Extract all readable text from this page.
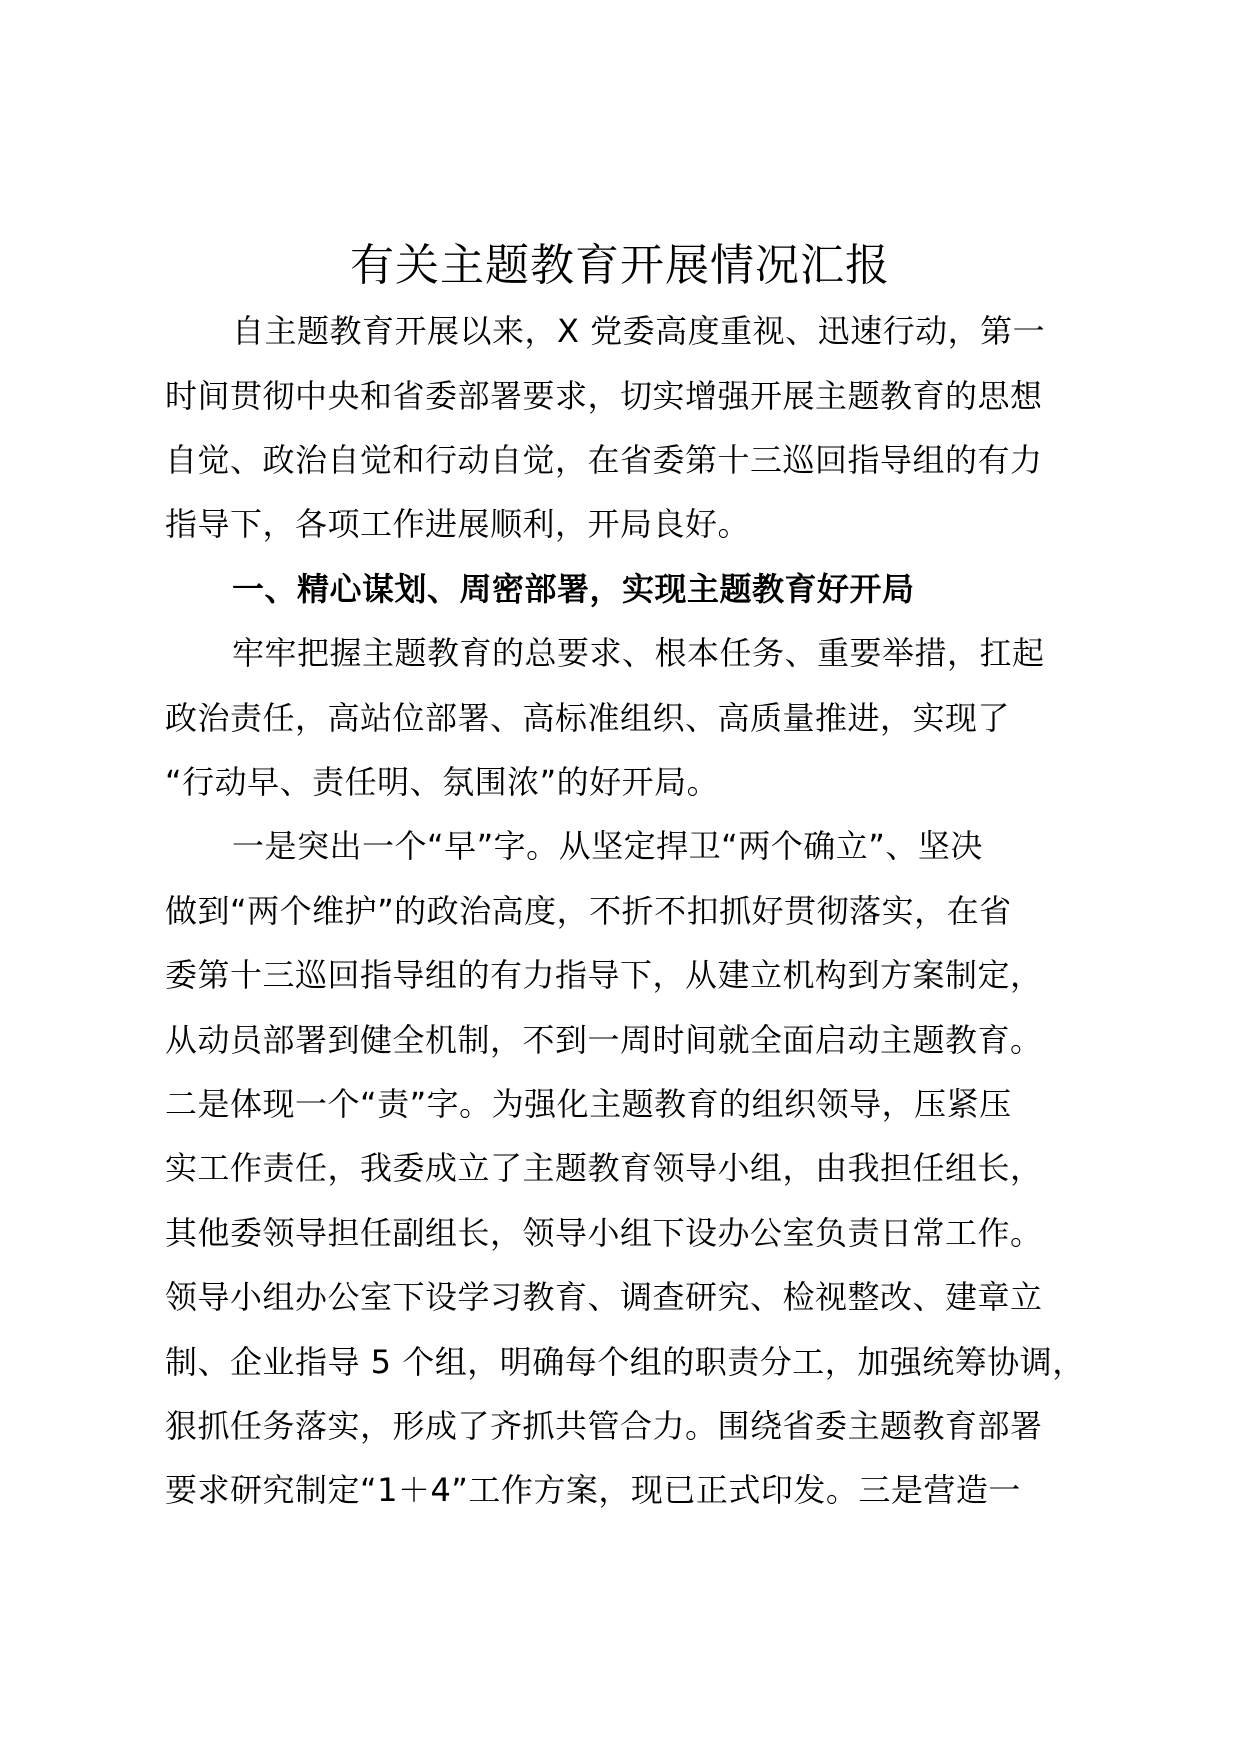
有关主题教育开展情况汇报
自主题教育开展以来，X 党委高度重视、迅速行动，第一
时间贯彻中央和省委部署要求，切实增强开展主题教育的思想
自觉、政治自觉和行动自觉，在省委第十三巡回指导组的有力
指导下，各项工作进展顺利，开局良好。
一、精心谋划、周密部署，实现主题教育好开局
牢牢把握主题教育的总要求、根本任务、重要举措，扛起
政治责任，高站位部署、高标准组织、高质量推进，实现了
“行动早、责任明、氛围浓”的好开局。
一是突出一个“早”字。从坚定捍卫“两个确立”、坚决
做到“两个维护”的政治高度，不折不扣抓好贯彻落实，在省
委第十三巡回指导组的有力指导下，从建立机构到方案制定，
从动员部署到健全机制，不到一周时间就全面启动主题教育。
二是体现一个“责”字。为强化主题教育的组织领导，压紧压
实工作责任，我委成立了主题教育领导小组，由我担任组长，
其他委领导担任副组长，领导小组下设办公室负责日常工作。
领导小组办公室下设学习教育、调查研究、检视整改、建章立
制、企业指导 5 个组，明确每个组的职责分工，加强统筹协调，
狠抓任务落实，形成了齐抓共管合力。围绕省委主题教育部署
要求研究制定“1＋4”工作方案，现已正式印发。三是营造一
